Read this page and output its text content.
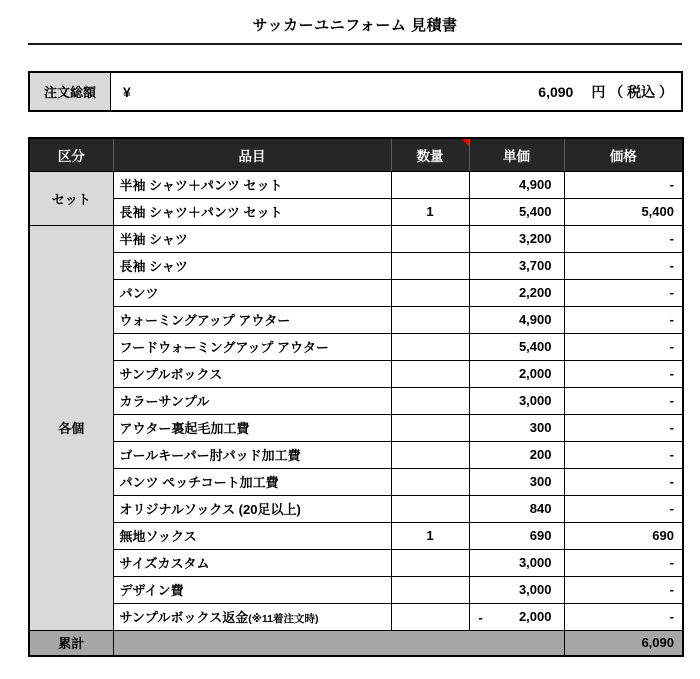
サッカーユニフォーム 見積書
注文総額	¥	6,090 円 （ 税込 ）
区分	品目	数量	単価	価格
セット	半袖 シャツ＋パンツ セット		4,900	-
	長袖 シャツ＋パンツ セット	1	5,400	5,400
各個	半袖 シャツ		3,200	-
	長袖 シャツ		3,700	-
	パンツ		2,200	-
	ウォーミングアップ アウター		4,900	-
	フードウォーミングアップ アウター		5,400	-
	サンプルボックス		2,000	-
	カラーサンプル		3,000	-
	アウター裏起毛加工費		300	-
	ゴールキーパー肘パッド加工費		200	-
	パンツ ペッチコート加工費		300	-
	オリジナルソックス (20足以上)		840	-
	無地ソックス	1	690	690
	サイズカスタム		3,000	-
	デザイン費		3,000	-
	サンプルボックス返金(※11着注文時)		- 2,000	-
累計				6,090
